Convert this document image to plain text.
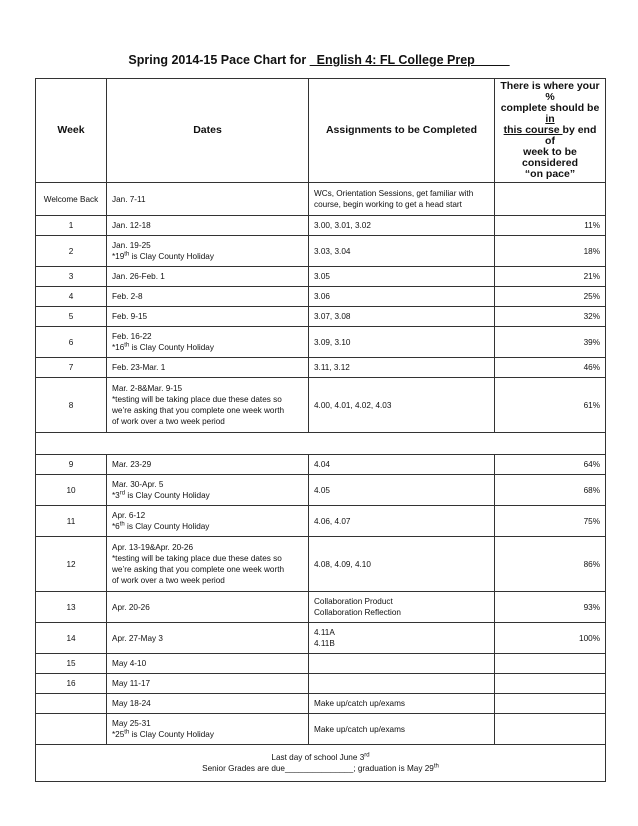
Spring 2014-15 Pace Chart for _English 4: FL College Prep_____
Week	Dates	Assignments to be Completed	There is where your %
complete should be in
this course by end of
week to be considered
“on pace”
Welcome Back	Jan. 7-11	WCs, Orientation Sessions, get familiar with
course, begin working to get a head start	
1	Jan. 12-18	3.00, 3.01, 3.02	11%
2	Jan. 19-25
*19th is Clay County Holiday	3.03, 3.04	18%
3	Jan. 26-Feb. 1	3.05	21%
4	Feb. 2-8	3.06	25%
5	Feb. 9-15	3.07, 3.08	32%
6	Feb. 16-22
*16th is Clay County Holiday	3.09, 3.10	39%
7	Feb. 23-Mar. 1	3.11, 3.12	46%
8	Mar. 2-8&Mar. 9-15
*testing will be taking place due these dates so
we’re asking that you complete one week worth
of work over a two week period	4.00, 4.01, 4.02, 4.03	61%

9	Mar. 23-29	4.04	64%
10	Mar. 30-Apr. 5
*3rd is Clay County Holiday	4.05	68%
11	Apr. 6-12
*6th is Clay County Holiday	4.06, 4.07	75%
12	Apr. 13-19&Apr. 20-26
*testing will be taking place due these dates so
we’re asking that you complete one week worth
of work over a two week period	4.08, 4.09, 4.10	86%
13	Apr. 20-26	Collaboration Product
Collaboration Reflection	93%
14	Apr. 27-May 3	4.11A
4.11B	100%
15	May 4-10		
16	May 11-17		
	May 18-24	Make up/catch up/exams	
	May 25-31
*25th is Clay County Holiday	Make up/catch up/exams	
Last day of school June 3rd
Senior Grades are due_______________; graduation is May 29th
